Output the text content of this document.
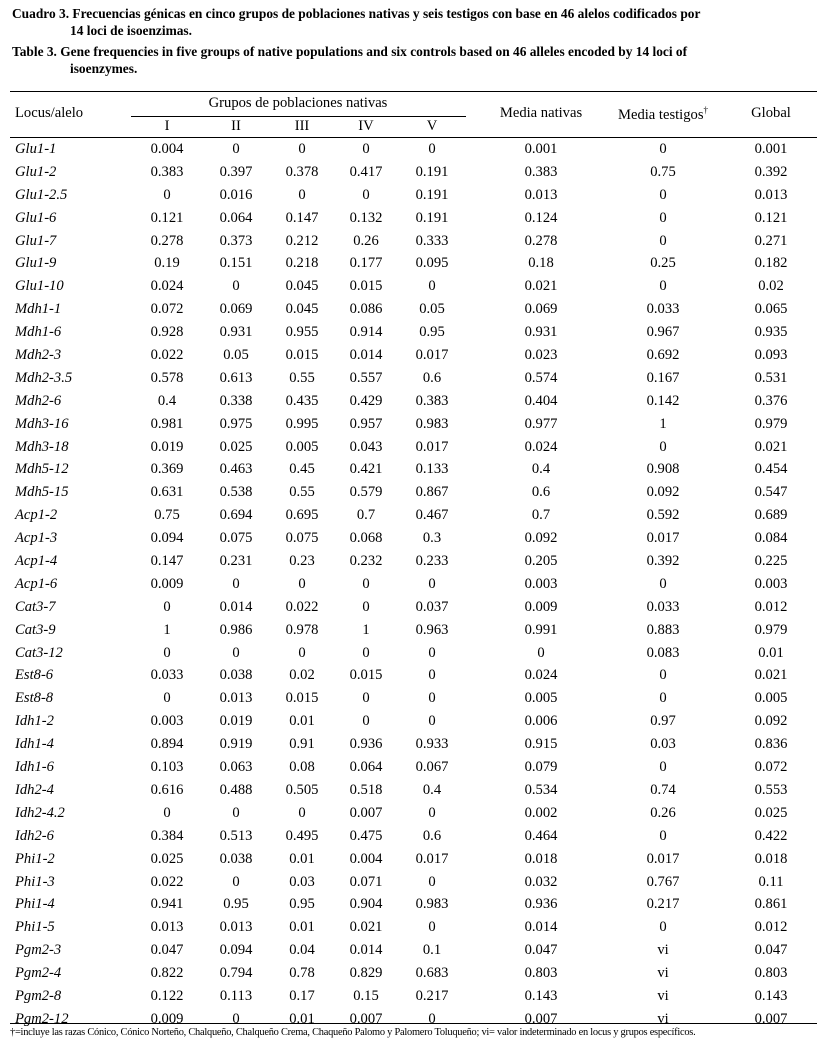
Cuadro 3. Frecuencias génicas en cinco grupos de poblaciones nativas y seis testigos con base en 46 alelos codificados por
14 loci de isoenzimas.
Table 3. Gene frequencies in five groups of native populations and six controls based on 46 alleles encoded by 14 loci of
isoenzymes.
Locus/alelo
Grupos de poblaciones nativas
I	II	III	IV	V
Media nativas Media testigos†	Global
Glu1-1	0.004	0	0	0	0	0.001	0	0.001
Glu1-2	0.383 0.397 0.378 0.417 0.191	0.383	0.75	0.392
Glu1-2.5	0	0.016	0	0	0.191	0.013	0	0.013
Glu1-6	0.121 0.064 0.147 0.132 0.191	0.124	0	0.121
Glu1-7	0.278 0.373 0.212 0.26	0.333	0.278	0	0.271
Glu1-9	0.19	0.151 0.218 0.177 0.095	0.18	0.25	0.182
Glu1-10	0.024	0	0.045 0.015	0	0.021	0	0.02
Mdh1-1	0.072 0.069 0.045 0.086	0.05	0.069	0.033	0.065
Mdh1-6	0.928 0.931 0.955 0.914	0.95	0.931	0.967	0.935
Mdh2-3	0.022	0.05	0.015 0.014 0.017	0.023	0.692	0.093
Mdh2-3.5	0.578 0.613	0.55 0.557	0.6	0.574	0.167	0.531
Mdh2-6	0.4	0.338 0.435 0.429 0.383	0.404	0.142	0.376
Mdh3-16	0.981 0.975 0.995 0.957 0.983	0.977	1	0.979
Mdh3-18	0.019 0.025 0.005 0.043 0.017	0.024	0	0.021
Mdh5-12	0.369 0.463	0.45 0.421 0.133	0.4	0.908	0.454
Mdh5-15	0.631 0.538	0.55 0.579 0.867	0.6	0.092	0.547
Acp1-2	0.75	0.694 0.695	0.7	0.467	0.7	0.592	0.689
Acp1-3	0.094 0.075 0.075 0.068	0.3	0.092	0.017	0.084
Acp1-4	0.147 0.231	0.23 0.232 0.233	0.205	0.392	0.225
Acp1-6	0.009	0	0	0	0	0.003	0	0.003
Cat3-7	0	0.014 0.022	0	0.037	0.009	0.033	0.012
Cat3-9	1	0.986 0.978	1	0.963	0.991	0.883	0.979
Cat3-12	0	0	0	0	0	0	0.083	0.01
Est8-6	0.033 0.038	0.02 0.015	0	0.024	0	0.021
Est8-8	0	0.013 0.015	0	0	0.005	0	0.005
Idh1-2	0.003 0.019	0.01	0	0	0.006	0.97	0.092
Idh1-4	0.894 0.919	0.91 0.936 0.933	0.915	0.03	0.836
Idh1-6	0.103 0.063	0.08 0.064 0.067	0.079	0	0.072
Idh2-4	0.616 0.488 0.505 0.518	0.4	0.534	0.74	0.553
Idh2-4.2	0	0	0	0.007	0	0.002	0.26	0.025
Idh2-6	0.384 0.513 0.495 0.475	0.6	0.464	0	0.422
Phi1-2	0.025 0.038	0.01 0.004 0.017	0.018	0.017	0.018
Phi1-3	0.022	0	0.03 0.071	0	0.032	0.767	0.11
Phi1-4	0.941	0.95	0.95 0.904 0.983	0.936	0.217	0.861
Phi1-5	0.013 0.013	0.01 0.021	0	0.014	0	0.012
Pgm2-3	0.047 0.094	0.04 0.014	0.1	0.047	vi	0.047
Pgm2-4	0.822 0.794	0.78 0.829 0.683	0.803	vi	0.803
Pgm2-8	0.122 0.113	0.17	0.15	0.217	0.143	vi	0.143
Pgm2-12	0.009	0	0.01 0.007	0	0.007	vi	0.007
†=incluye las razas Cónico, Cónico Norteño, Chalqueño, Chalqueño Crema, Chaqueño Palomo y Palomero Toluqueño; vi= valor indeterminado en locus y grupos específicos.
